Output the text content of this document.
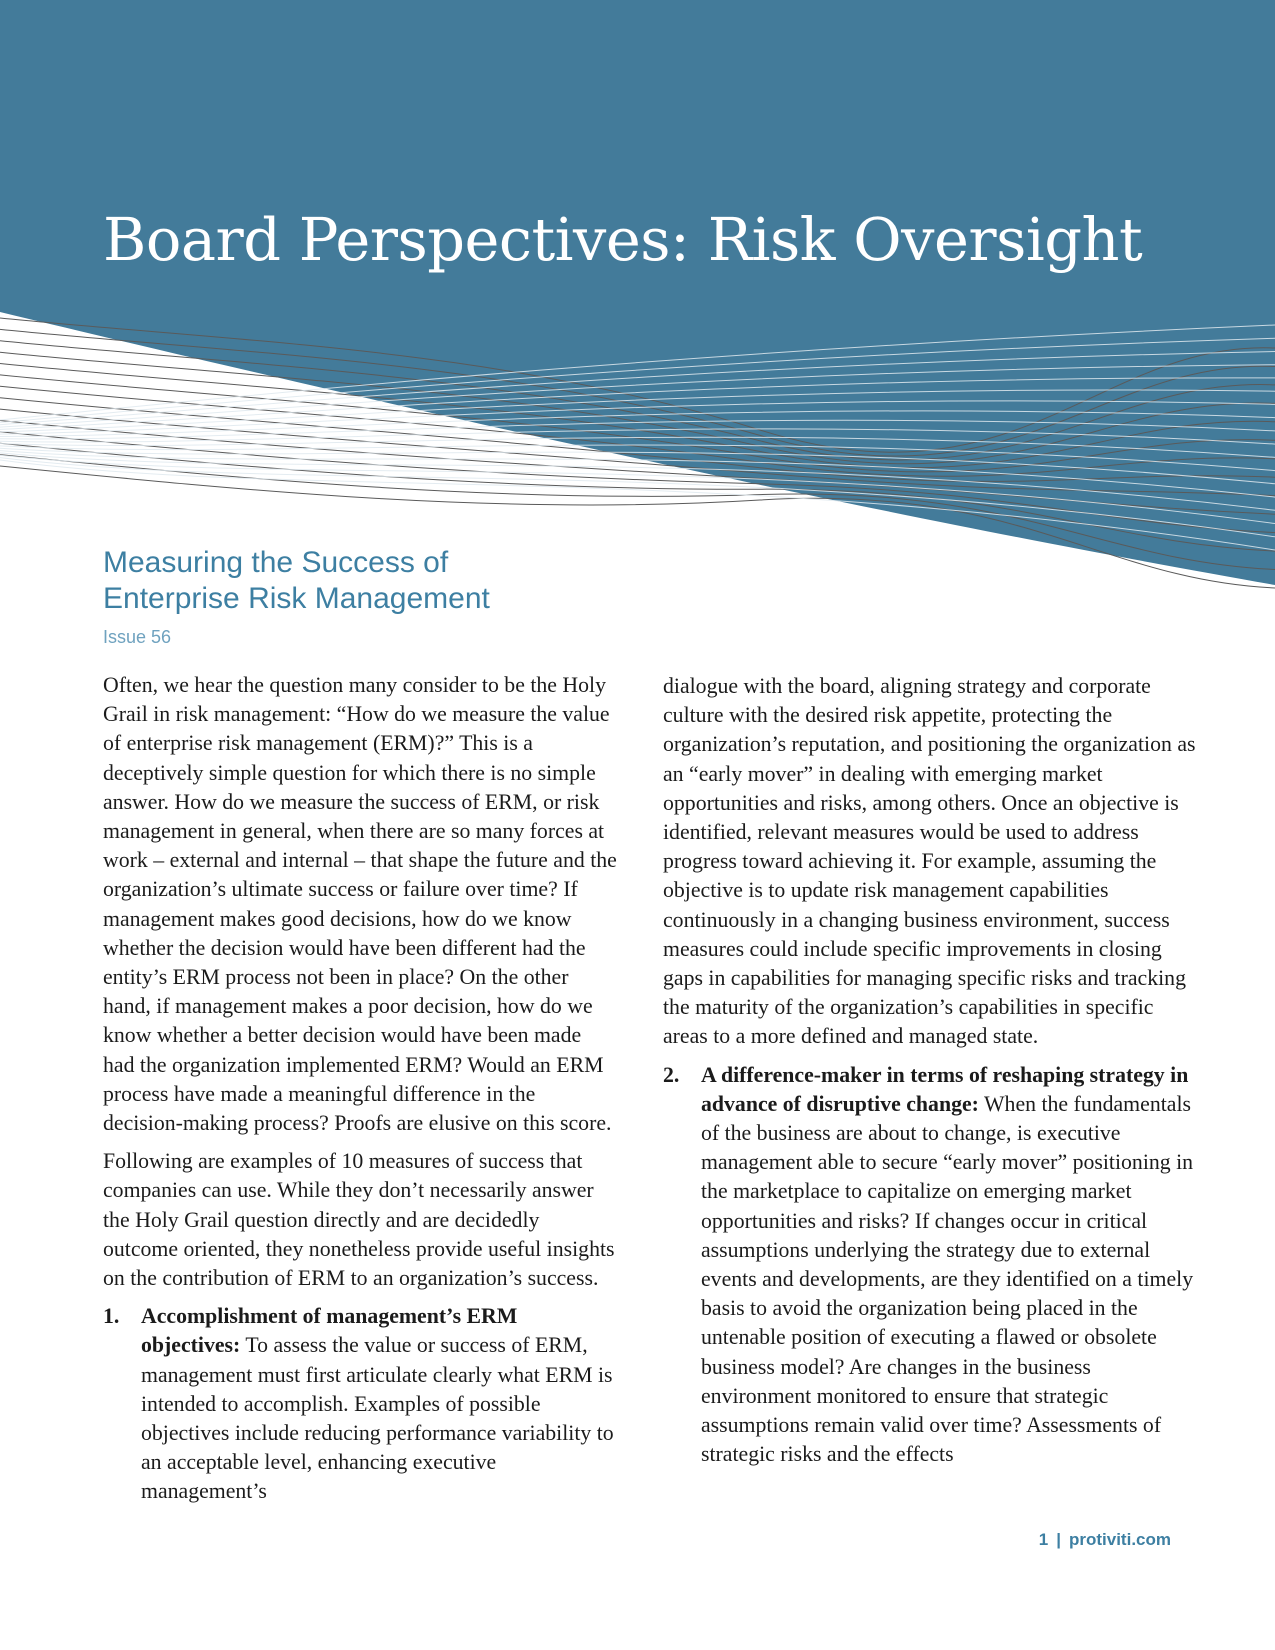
Board Perspectives: Risk Oversight
Measuring the Success of
Enterprise Risk Management
Issue 56

Often, we hear the question many consider to be the Holy Grail in risk management: “How do we measure the value of enterprise risk management (ERM)?” This is a deceptively simple question for which there is no simple answer. How do we measure the success of ERM, or risk management in general, when there are so many forces at work – external and internal – that shape the future and the organization’s ultimate success or failure over time? If management makes good decisions, how do we know whether the decision would have been different had the entity’s ERM process not been in place? On the other hand, if management makes a poor decision, how do we know whether a better decision would have been made had the organization implemented ERM? Would an ERM process have made a meaningful difference in the decision-making process? Proofs are elusive on this score.

Following are examples of 10 measures of success that companies can use. While they don’t necessarily answer the Holy Grail question directly and are decidedly outcome oriented, they nonetheless provide useful insights on the contribution of ERM to an organization’s success.

1. Accomplishment of management’s ERM objectives: To assess the value or success of ERM, management must first articulate clearly what ERM is intended to accomplish. Examples of possible objectives include reducing performance variability to an acceptable level, enhancing executive management’s

dialogue with the board, aligning strategy and corporate culture with the desired risk appetite, protecting the organization’s reputation, and positioning the organization as an “early mover” in dealing with emerging market opportunities and risks, among others. Once an objective is identified, relevant measures would be used to address progress toward achieving it. For example, assuming the objective is to update risk management capabilities continuously in a changing business environment, success measures could include specific improvements in closing gaps in capabilities for managing specific risks and tracking the maturity of the organization’s capabilities in specific areas to a more defined and managed state.

2. A difference-maker in terms of reshaping strategy in advance of disruptive change: When the fundamentals of the business are about to change, is executive management able to secure “early mover” positioning in the marketplace to capitalize on emerging market opportunities and risks? If changes occur in critical assumptions underlying the strategy due to external events and developments, are they identified on a timely basis to avoid the organization being placed in the untenable position of executing a flawed or obsolete business model? Are changes in the business environment monitored to ensure that strategic assumptions remain valid over time? Assessments of strategic risks and the effects
1 | protiviti.com
